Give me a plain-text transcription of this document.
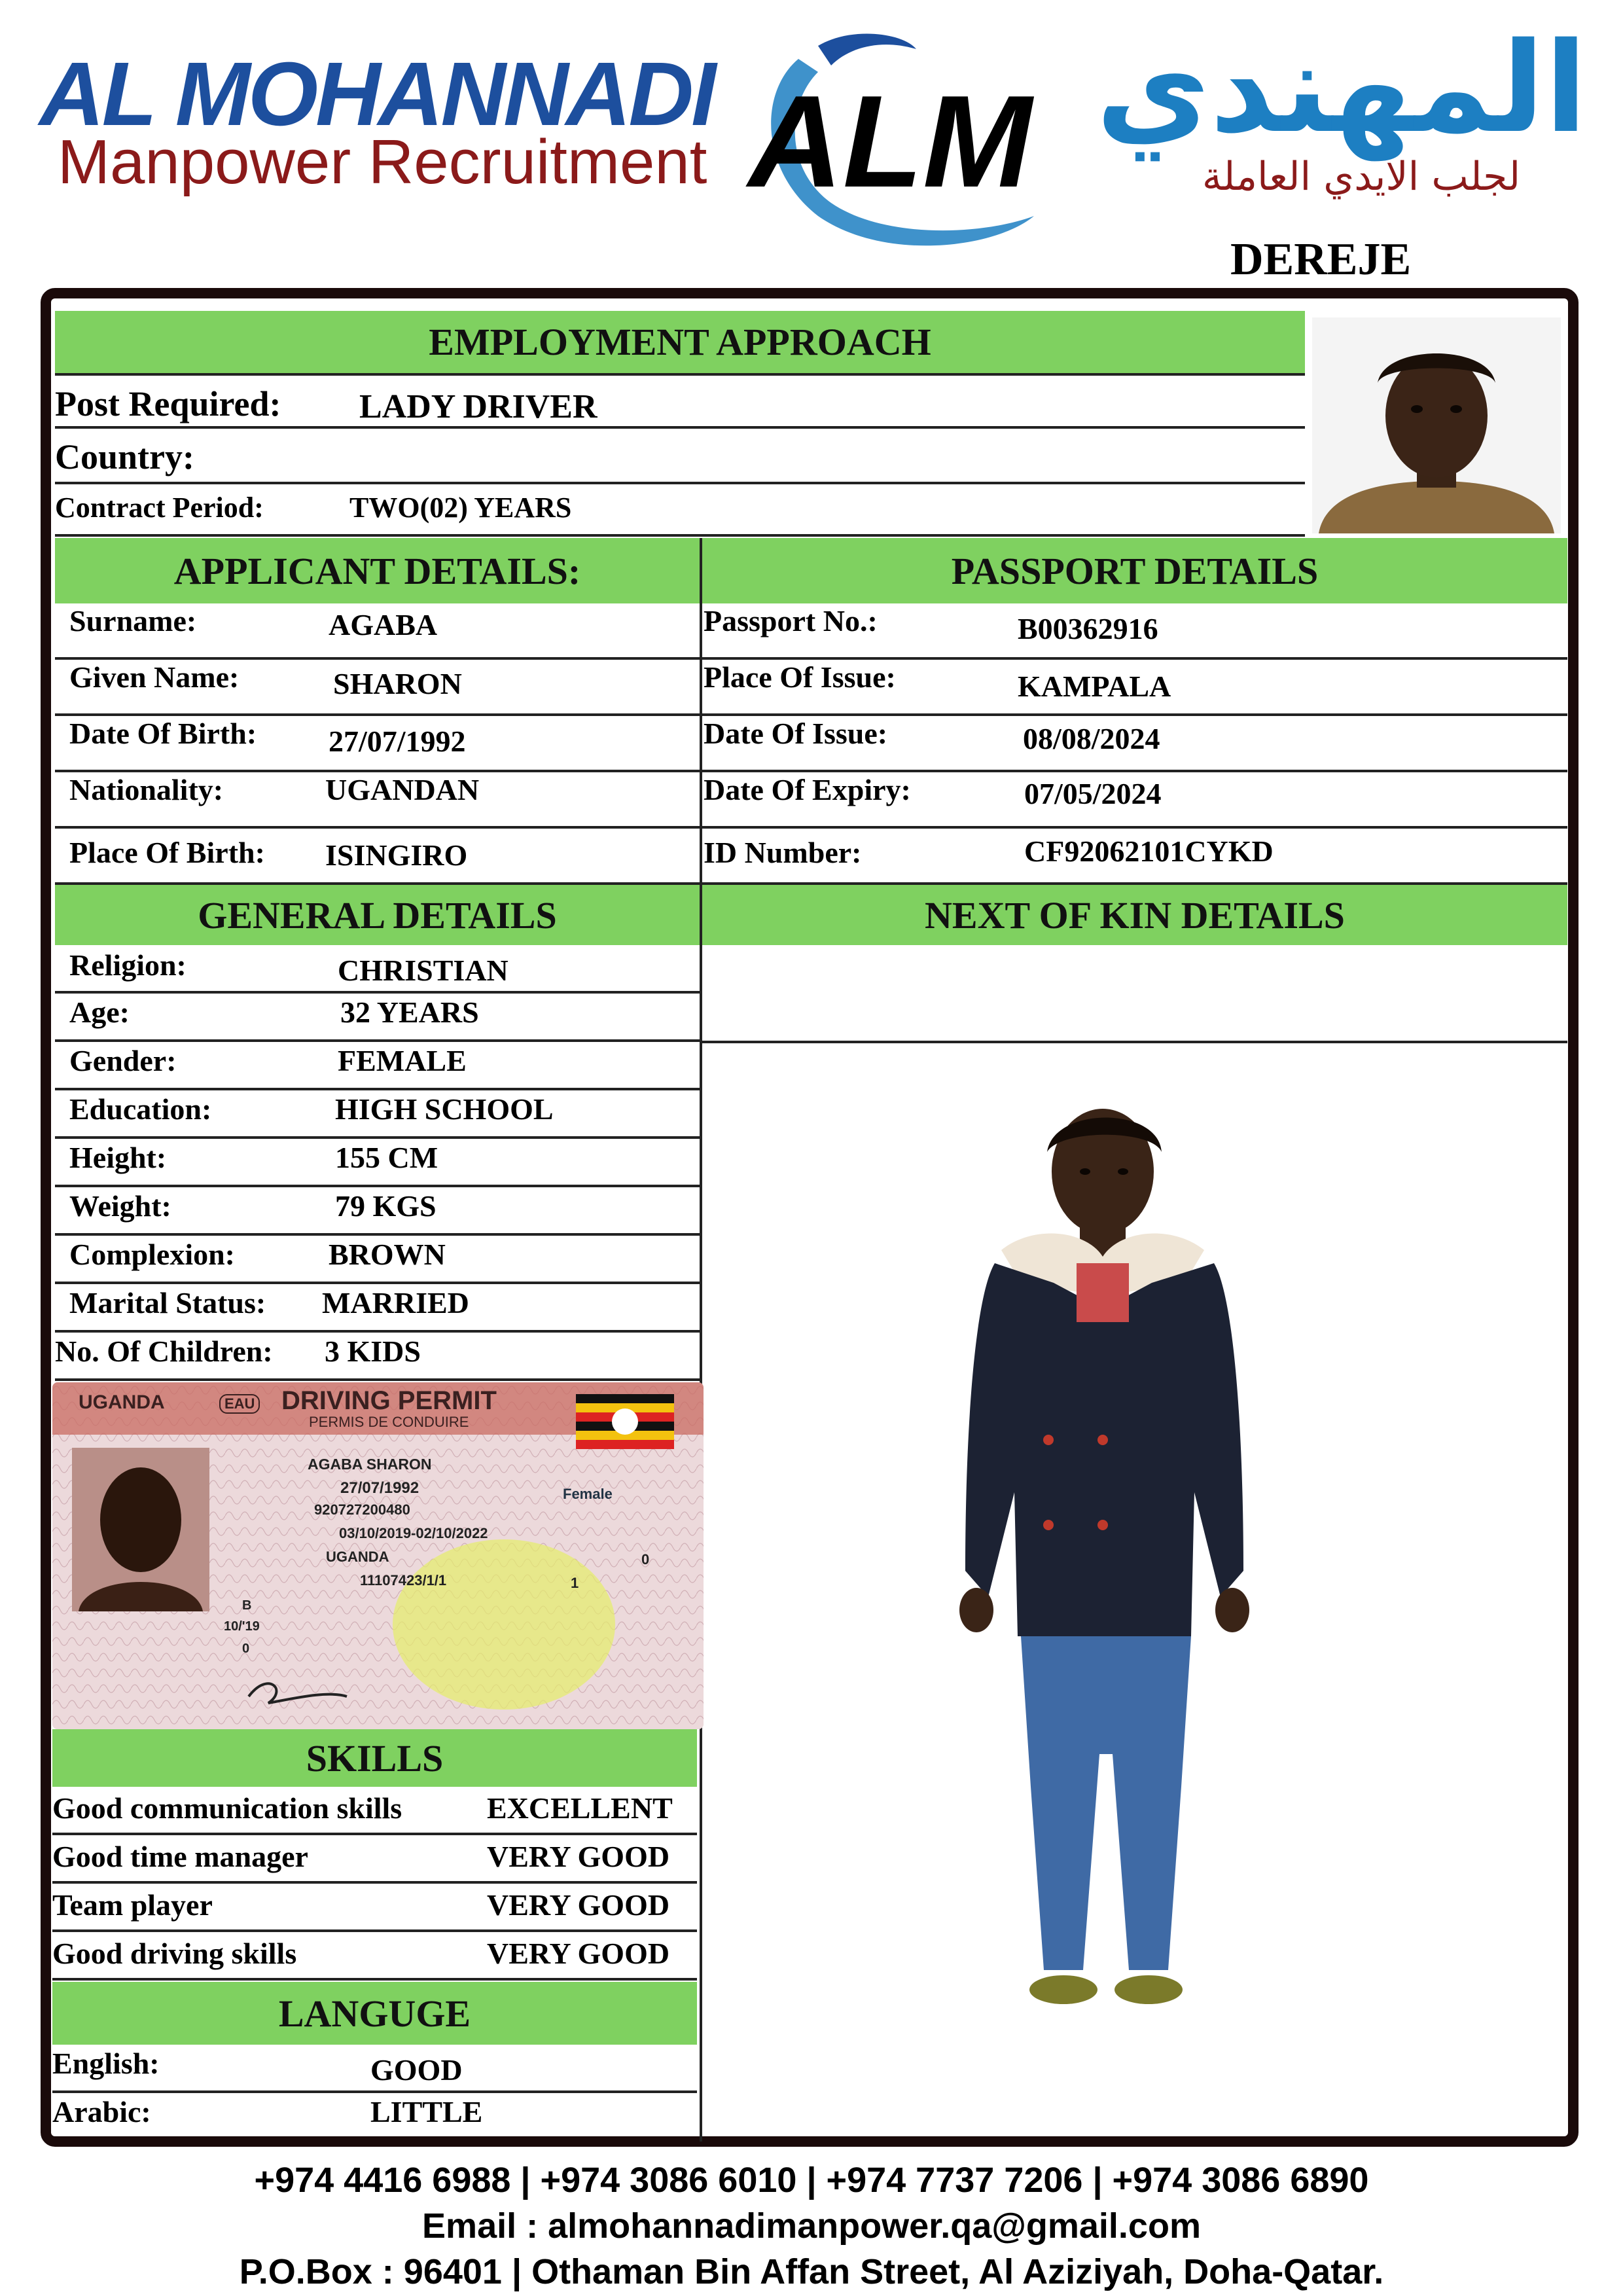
AL MOHANNADI
Manpower Recruitment ALM المهندي
لجلب الايدي العاملة
DEREJE
EMPLOYMENT APPROACH
Post Required: LADY DRIVER
Country:
Contract Period:	TWO(02) YEARS
APPLICANT DETAILS:	PASSPORT DETAILS
Surname:	AGABA
Given Name:	SHARON
Date Of Birth: 27/07/1992
Nationality:	UGANDAN
Place Of Birth: ISINGIRO
Passport No.:	B00362916
Place Of Issue:	KAMPALA
Date Of Issue:	08/08/2024
Date Of Expiry:	07/05/2024
ID Number:	CF92062101CYKD
GENERAL DETAILS	NEXT OF KIN DETAILS
Religion:	CHRISTIAN
Age:	32 YEARS
Gender:	FEMALE
Education:	HIGH SCHOOL
Height:	155 CM
Weight:	79 KGS
Complexion:	BROWN
Marital Status: MARRIED
No. Of Children: 3 KIDS
UGANDA	EAU DRIVING PERMIT
PERMIS DE CONDUIRE
AGABA SHARON
27/07/1992	Female
920727200480
03/10/2019-02/10/2022
UGANDA	0
11107423/1/1	1
B
10/'19
0
SKILLS
Good communication skills	EXCELLENT
Good time manager	VERY GOOD
Team player	VERY GOOD
Good driving skills	VERY GOOD
LANGUGE
English:	GOOD
Arabic:	LITTLE
+974 4416 6988 | +974 3086 6010 | +974 7737 7206 | +974 3086 6890
Email : almohannadimanpower.qa@gmail.com
P.O.Box : 96401 | Othaman Bin Affan Street, Al Aziziyah, Doha-Qatar.
